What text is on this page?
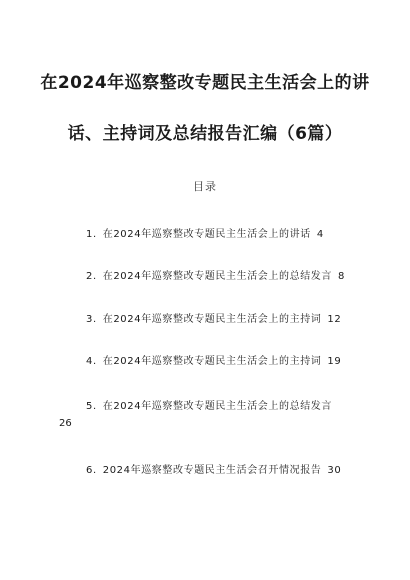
在2024年巡察整改专题民主生活会上的讲
话、主持词及总结报告汇编（6篇）
目录
1. 在2024年巡察整改专题民主生活会上的讲话 4
2. 在2024年巡察整改专题民主生活会上的总结发言 8
3. 在2024年巡察整改专题民主生活会上的主持词 12
4. 在2024年巡察整改专题民主生活会上的主持词 19
5. 在2024年巡察整改专题民主生活会上的总结发言
26
6. 2024年巡察整改专题民主生活会召开情况报告 30
